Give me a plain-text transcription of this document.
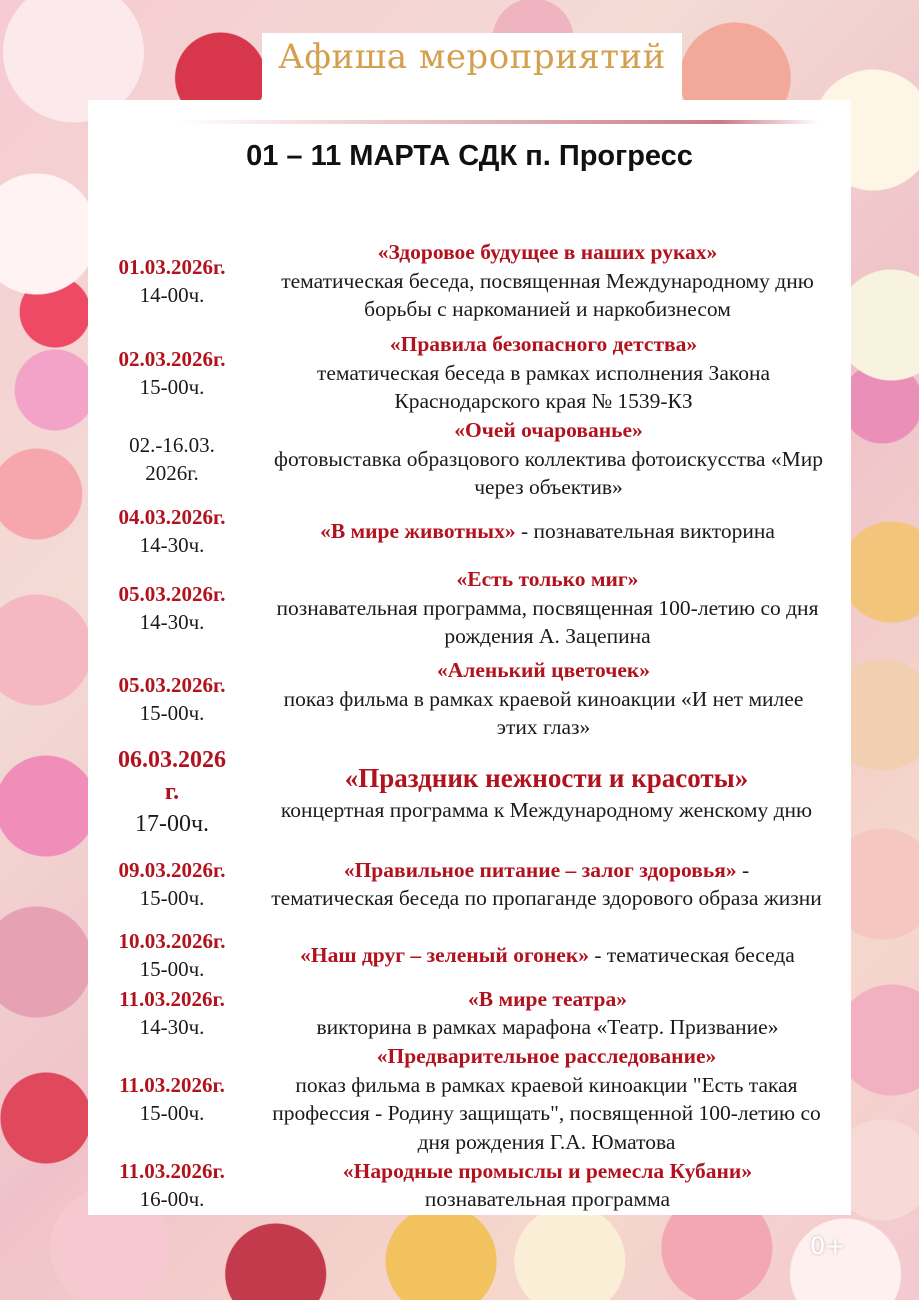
Афиша мероприятий
01 – 11 МАРТА СДК п. Прогресс
01.03.2026г.
14-00ч.
«Здоровое будущее в наших руках»
тематическая беседа, посвященная Международному дню борьбы с наркоманией и наркобизнесом
02.03.2026г.
15-00ч.
«Правила безопасного детства»
тематическая беседа в рамках исполнения Закона Краснодарского края № 1539-КЗ
02.-16.03.
2026г.
«Очей очарованье»
фотовыставка образцового коллектива фотоискусства «Мир через объектив»
04.03.2026г.
14-30ч.
«В мире животных» - познавательная викторина
05.03.2026г.
14-30ч.
«Есть только миг»
познавательная программа, посвященная 100-летию со дня рождения А. Зацепина
05.03.2026г.
15-00ч.
«Аленький цветочек»
показ фильма в рамках краевой киноакции «И нет милее этих глаз»
06.03.2026 г.
17-00ч.
«Праздник нежности и красоты»
концертная программа к Международному женскому дню
09.03.2026г.
15-00ч.
«Правильное питание – залог здоровья» -
тематическая беседа по пропаганде здорового образа жизни
10.03.2026г.
15-00ч.
«Наш друг – зеленый огонек» - тематическая беседа
11.03.2026г.
14-30ч.
«В мире театра»
викторина в рамках марафона «Театр. Призвание»
11.03.2026г.
15-00ч.
«Предварительное расследование»
показ фильма в рамках краевой киноакции "Есть такая профессия - Родину защищать", посвященной 100-летию со дня рождения Г.А. Юматова
11.03.2026г.
16-00ч.
«Народные промыслы и ремесла Кубани»
познавательная программа
0+
